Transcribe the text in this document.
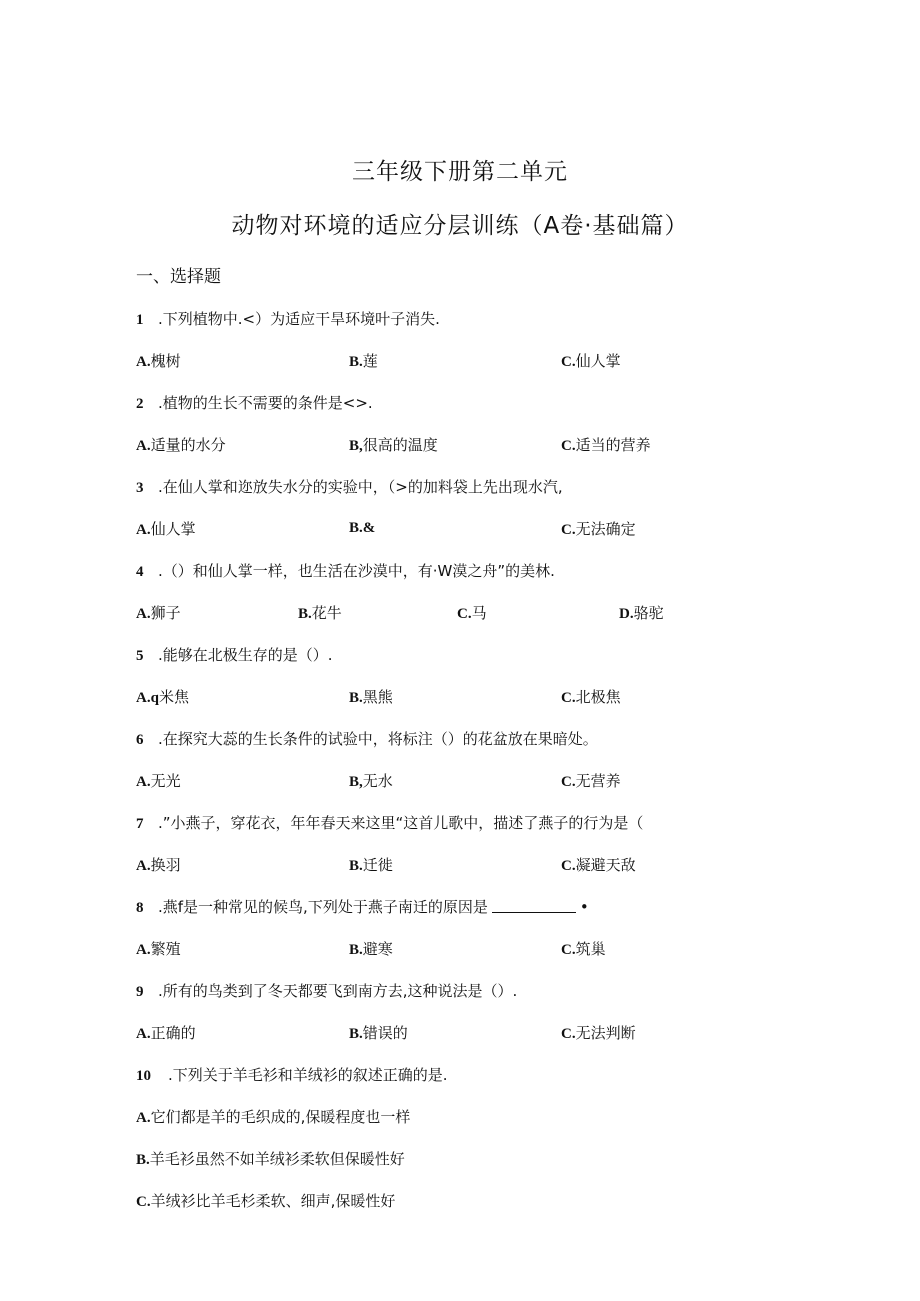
三年级下册第二单元
动物对环境的适应分层训练（A卷·基础篇）
一、选择题
1 .下列植物中.<）为适应干旱环境叶子消失.
A.槐树	B.莲	C.仙人掌
2 .植物的生长不需要的条件是<>.
A.适量的水分	B,很高的温度	C.适当的营养
3 .在仙人掌和迩放失水分的实验中，（>的加料袋上先出现水汽,
A.仙人掌	B.&	C.无法确定
4 .（）和仙人掌一样，也生活在沙漠中，有·W漠之舟”的美林.
A.狮子	B.花牛	C.马	D.骆驼
5 .能够在北极生存的是（）.
A.q米焦	B.黑熊	C.北极焦
6 .在探究大蕊的生长条件的试验中，将标注（）的花盆放在果暗处。
A.无光	B,无水	C.无营养
7 .”小燕子，穿花衣，年年春天来这里“这首儿歌中，描述了燕子的行为是（
A.换羽	B.迁徙	C.凝避天敌
8 .燕f是一种常见的候鸟,下列处于燕子南迁的原因是	•
A.繁殖	B.避寒	C.筑巢
9 .所有的鸟类到了冬天都要飞到南方去,这种说法是（）.
A.正确的	B.错误的	C.无法判断
10 .下列关于羊毛衫和羊绒衫的叙述正确的是.
A.它们都是羊的毛织成的,保暖程度也一样
B.羊毛衫虽然不如羊绒衫柔软但保暖性好
C.羊绒衫比羊毛杉柔软、细声,保暖性好
